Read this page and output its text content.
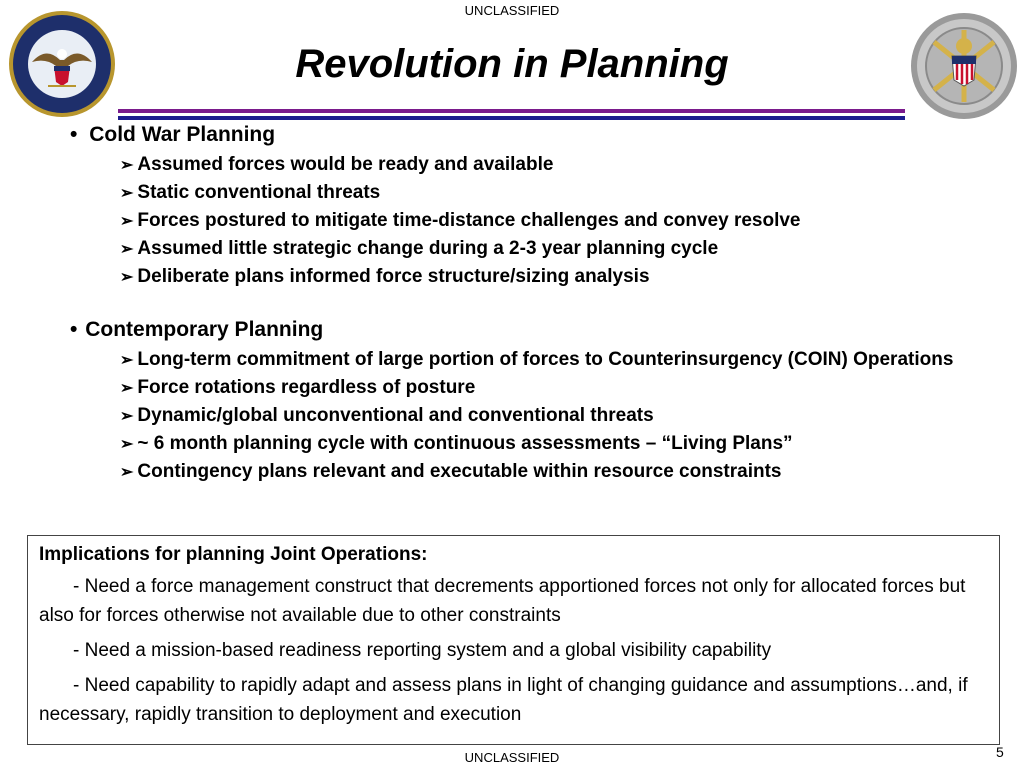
UNCLASSIFIED
Revolution in Planning
• Cold War Planning
➢ Assumed forces would be ready and available
➢ Static conventional threats
➢ Forces postured to mitigate time-distance challenges and convey resolve
➢ Assumed little strategic change during a 2-3 year planning cycle
➢ Deliberate plans informed force structure/sizing analysis
• Contemporary Planning
➢ Long-term commitment of large portion of forces to Counterinsurgency (COIN) Operations
➢ Force rotations regardless of posture
➢ Dynamic/global unconventional and conventional threats
➢ ~ 6 month planning cycle with continuous assessments – “Living Plans”
➢ Contingency plans relevant and executable within resource constraints
Implications for planning Joint Operations:
- Need a force management construct that decrements apportioned forces not only for allocated forces but also for forces otherwise not available due to other constraints
- Need a mission-based readiness reporting system and a global visibility capability
- Need capability to rapidly adapt and assess plans in light of changing guidance and assumptions…and, if necessary, rapidly transition to deployment and execution
UNCLASSIFIED	5
